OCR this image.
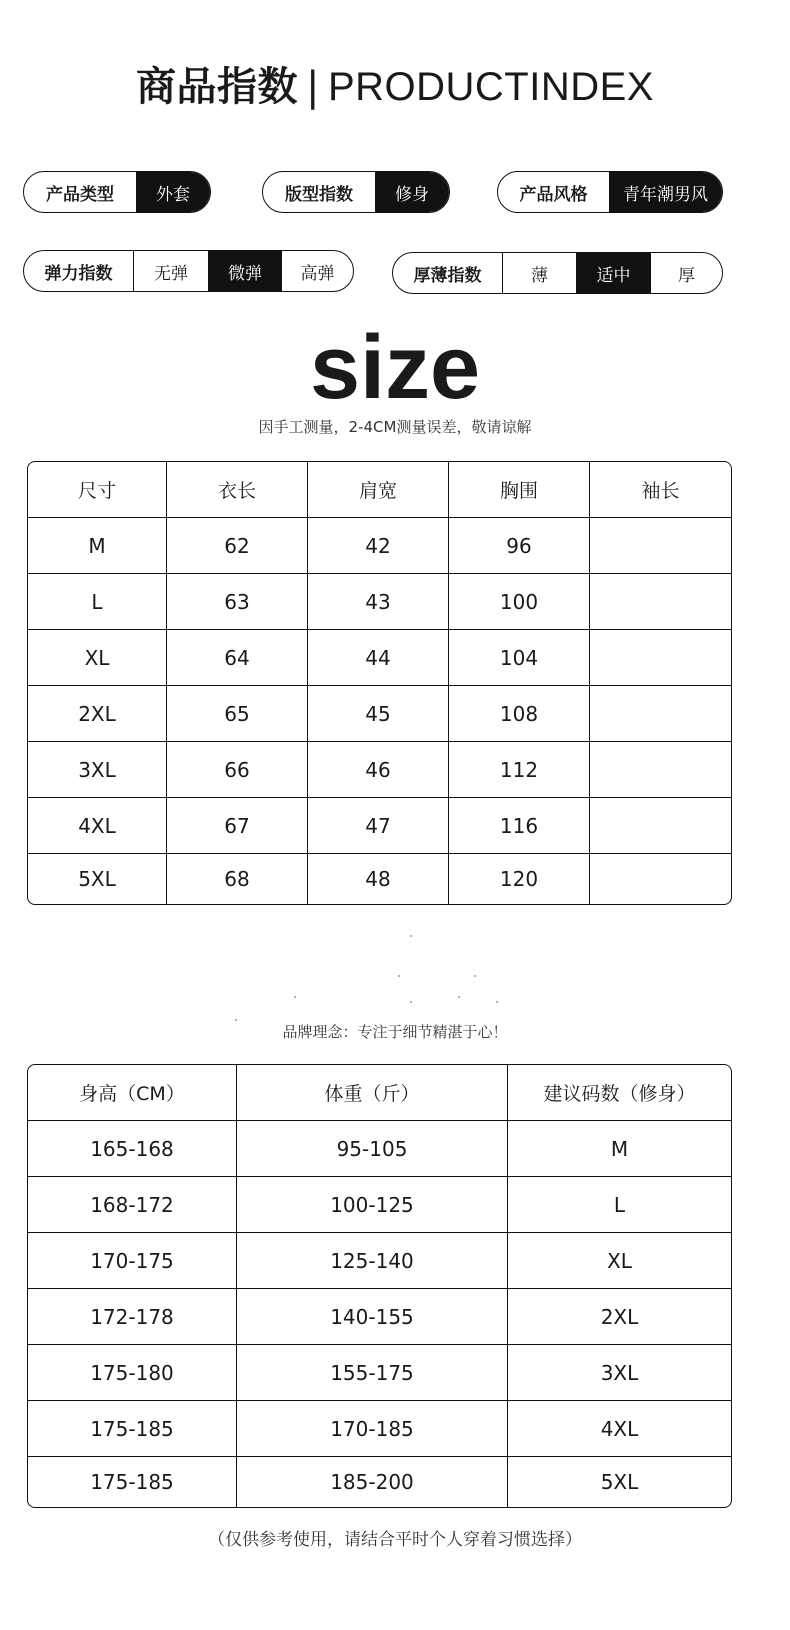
商品指数 | PRODUCTINDEX
产品类型	外套	版型指数	修身	产品风格	青年潮男风
弹力指数	无弹	微弹	高弹	厚薄指数	薄	适中	厚
size
因手工测量，2-4CM测量误差，敬请谅解
尺寸	衣长	肩宽	胸围	袖长
M	62	42	96	
L	63	43	100	
XL	64	44	104	
2XL	65	45	108	
3XL	66	46	112	
4XL	67	47	116	
5XL	68	48	120	
品牌理念：专注于细节精湛于心！
身高（CM）	体重（斤）	建议码数（修身）
165-168	95-105	M
168-172	100-125	L
170-175	125-140	XL
172-178	140-155	2XL
175-180	155-175	3XL
175-185	170-185	4XL
175-185	185-200	5XL
（仅供参考使用，请结合平时个人穿着习惯选择）
